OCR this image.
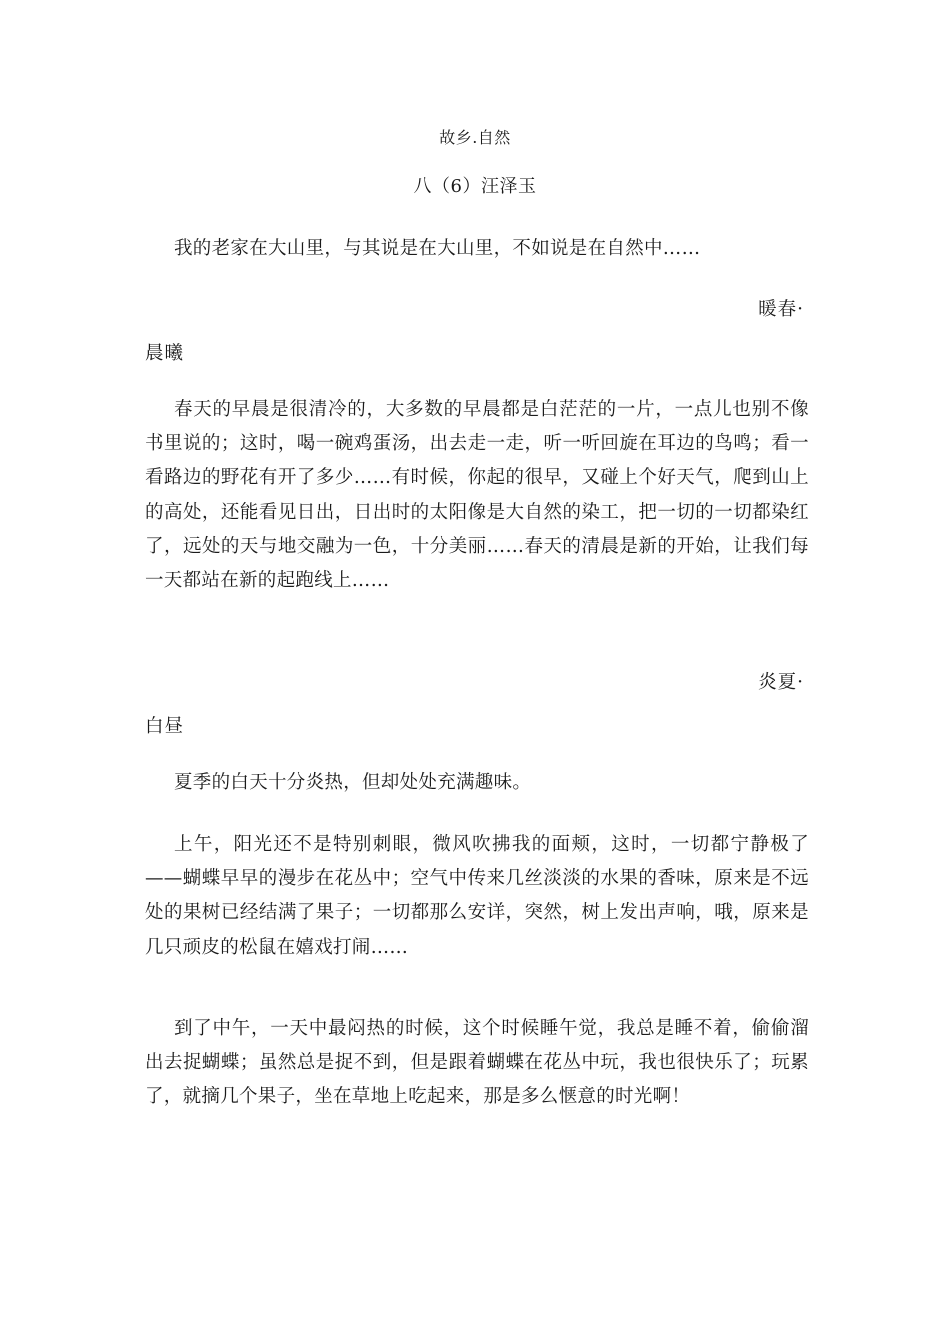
故乡.自然
八（6）汪泽玉
我的老家在大山里，与其说是在大山里，不如说是在自然中……
暖春·
晨曦
春天的早晨是很清冷的，大多数的早晨都是白茫茫的一片，一点儿也别不像书里说的；这时，喝一碗鸡蛋汤，出去走一走，听一听回旋在耳边的鸟鸣；看一看路边的野花有开了多少……有时候，你起的很早，又碰上个好天气，爬到山上的高处，还能看见日出，日出时的太阳像是大自然的染工，把一切的一切都染红了，远处的天与地交融为一色，十分美丽……春天的清晨是新的开始，让我们每一天都站在新的起跑线上……
炎夏·
白昼
夏季的白天十分炎热，但却处处充满趣味。
上午，阳光还不是特别刺眼，微风吹拂我的面颊，这时，一切都宁静极了——蝴蝶早早的漫步在花丛中；空气中传来几丝淡淡的水果的香味，原来是不远处的果树已经结满了果子；一切都那么安详，突然，树上发出声响，哦，原来是几只顽皮的松鼠在嬉戏打闹……
到了中午，一天中最闷热的时候，这个时候睡午觉，我总是睡不着，偷偷溜出去捉蝴蝶；虽然总是捉不到，但是跟着蝴蝶在花丛中玩，我也很快乐了；玩累了，就摘几个果子，坐在草地上吃起来，那是多么惬意的时光啊！
